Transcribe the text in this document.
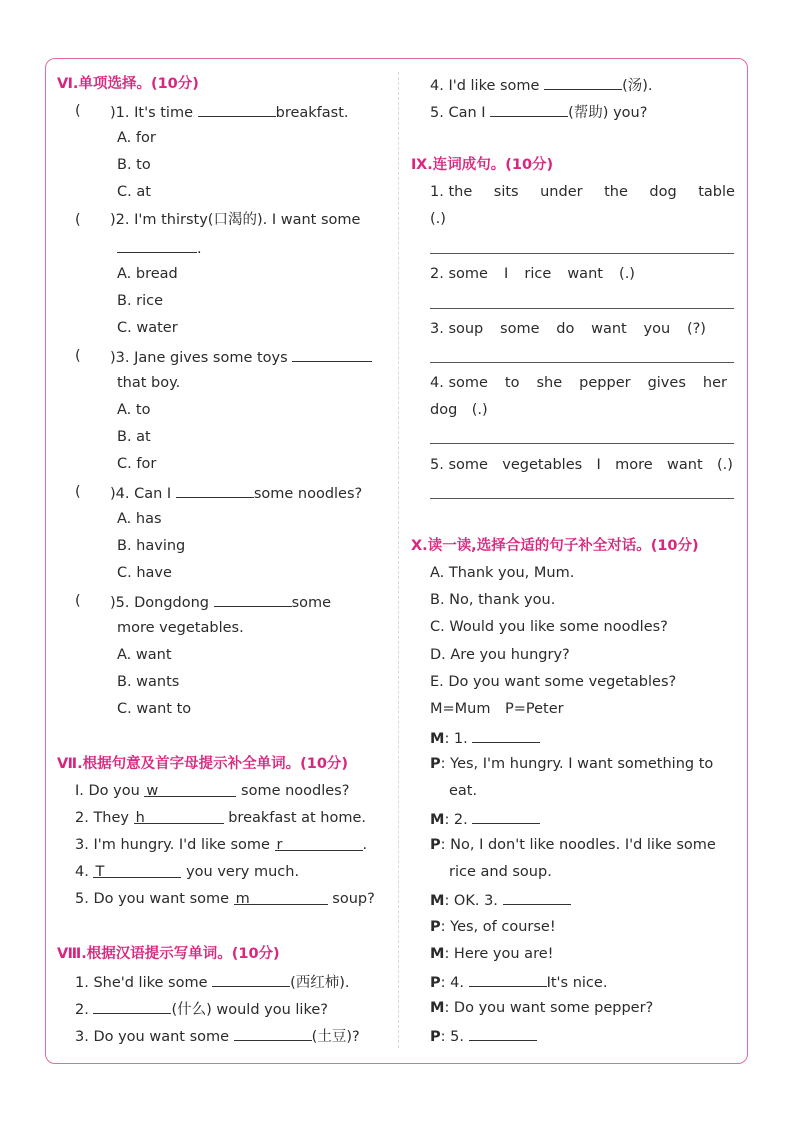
Ⅵ.单项选择。(10分)
( )1. It's time	breakfast.
A. for
B. to
C. at
( )2. I'm thirsty(口渴的). I want some
.
A. bread
B. rice
C. water
( )3. Jane gives some toys
that boy.
A. to
B. at
C. for
( )4. Can I	some noodles?
A. has
B. having
C. have
( )5. Dongdong	some
more vegetables.
A. want
B. wants
C. want to
Ⅶ.根据句意及首字母提示补全单词。(10分)
I. Do you w	some noodles?
2. They h	breakfast at home.
3. I'm hungry. I'd like some r	.
4. T	you very much.
5. Do you want some m	soup?
Ⅷ.根据汉语提示写单词。(10分)
1. She'd like some	(西红柿).
2.	(什么) would you like?
3. Do you want some	(土豆)?
4. I'd like some	(汤).
5. Can I	(帮助) you?
Ⅸ.连词成句。(10分)
1. the sits under the dog table
(.)
2. some I rice want (.)
3. soup some do want you (?)
4. some to she pepper gives her
dog　(.)
5. some vegetables I more want (.)
Ⅹ.读一读,选择合适的句子补全对话。(10分)
A. Thank you, Mum.
B. No, thank you.
C. Would you like some noodles?
D. Are you hungry?
E. Do you want some vegetables?
M=Mum　P=Peter
M: 1.
P: Yes, I'm hungry. I want something to
eat.
M: 2.
P: No, I don't like noodles. I'd like some
rice and soup.
M: OK. 3.
P: Yes, of course!
M: Here you are!
P: 4.	It's nice.
M: Do you want some pepper?
P: 5.
